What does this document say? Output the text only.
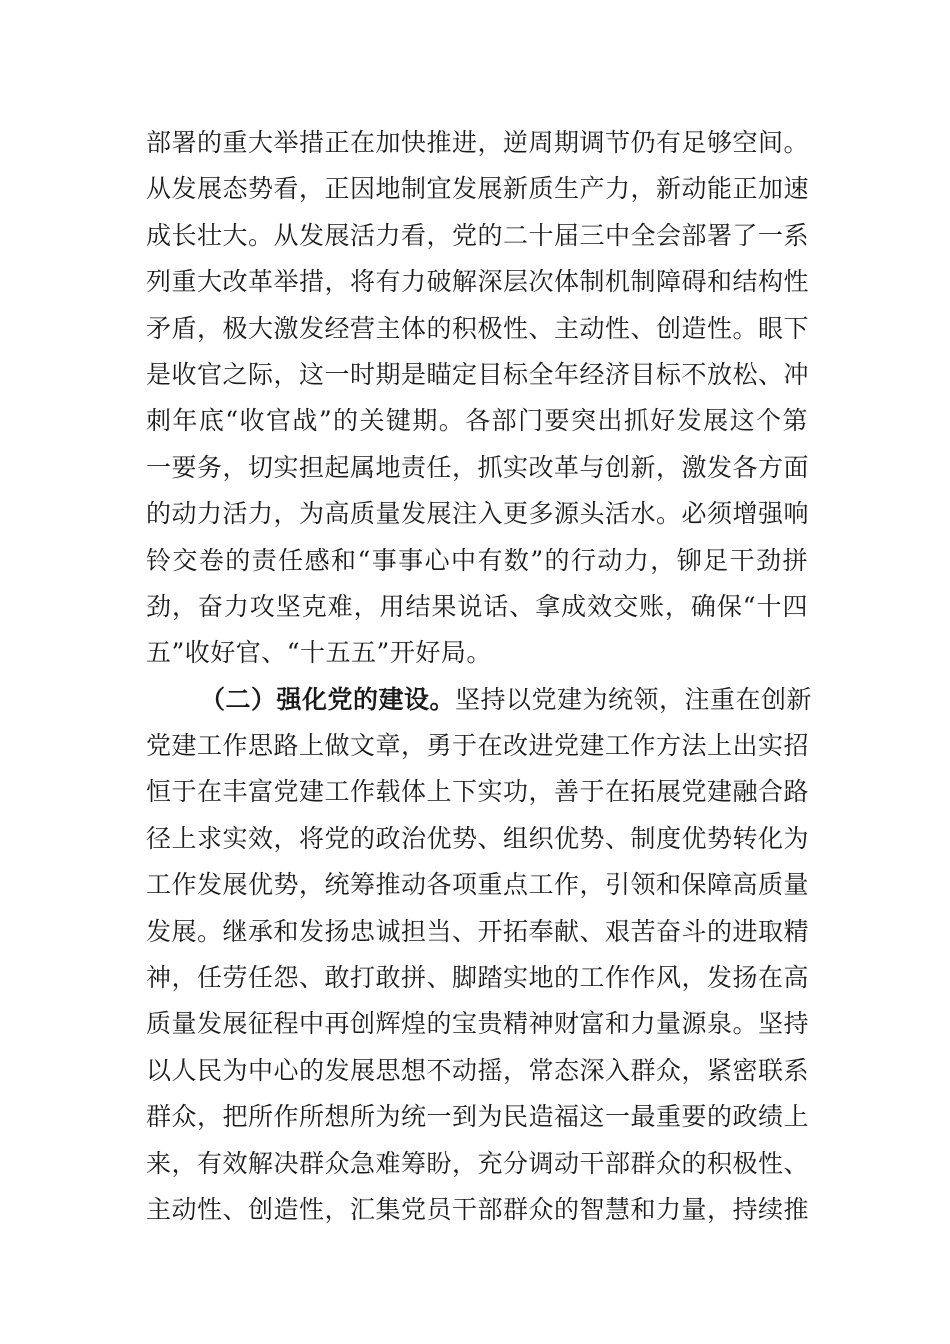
部署的重大举措正在加快推进，逆周期调节仍有足够空间。
从发展态势看，正因地制宜发展新质生产力，新动能正加速
成长壮大。从发展活力看，党的二十届三中全会部署了一系
列重大改革举措，将有力破解深层次体制机制障碍和结构性
矛盾，极大激发经营主体的积极性、主动性、创造性。眼下
是收官之际，这一时期是瞄定目标全年经济目标不放松、冲
刺年底“收官战”的关键期。各部门要突出抓好发展这个第
一要务，切实担起属地责任，抓实改革与创新，激发各方面
的动力活力，为高质量发展注入更多源头活水。必须增强响
铃交卷的责任感和“事事心中有数”的行动力，铆足干劲拼
劲，奋力攻坚克难，用结果说话、拿成效交账，确保“十四
五”收好官、“十五五”开好局。
（二）强化党的建设。坚持以党建为统领，注重在创新
党建工作思路上做文章，勇于在改进党建工作方法上出实招
恒于在丰富党建工作载体上下实功，善于在拓展党建融合路
径上求实效，将党的政治优势、组织优势、制度优势转化为
工作发展优势，统筹推动各项重点工作，引领和保障高质量
发展。继承和发扬忠诚担当、开拓奉献、艰苦奋斗的进取精
神，任劳任怨、敢打敢拼、脚踏实地的工作作风，发扬在高
质量发展征程中再创辉煌的宝贵精神财富和力量源泉。坚持
以人民为中心的发展思想不动摇，常态深入群众，紧密联系
群众，把所作所想所为统一到为民造福这一最重要的政绩上
来，有效解决群众急难筹盼，充分调动干部群众的积极性、
主动性、创造性，汇集党员干部群众的智慧和力量，持续推
